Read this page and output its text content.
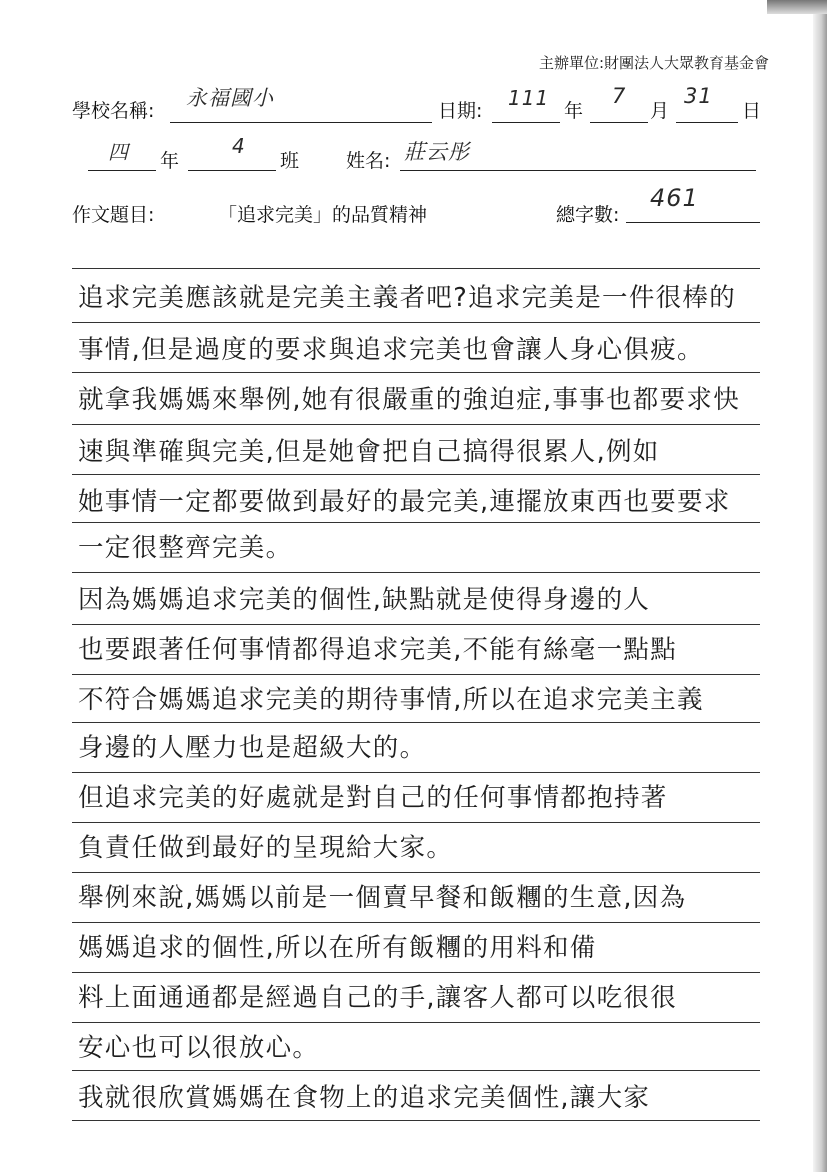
主辦單位:財團法人大眾教育基金會
學校名稱:
永福國小
日期:
111
年
7
月
31
日
四 年
4
班 姓名: 莊云彤
作文題目:	「追求完美」的品質精神	總字數:
461
追求完美應該就是完美主義者吧?追求完美是一件很棒的
事情,但是過度的要求與追求完美也會讓人身心俱疲。
就拿我媽媽來舉例,她有很嚴重的強迫症,事事也都要求快
速與準確與完美,但是她會把自己搞得很累人,例如
她事情一定都要做到最好的最完美,連擺放東西也要要求
一定很整齊完美。
因為媽媽追求完美的個性,缺點就是使得身邊的人
也要跟著任何事情都得追求完美,不能有絲毫一點點
不符合媽媽追求完美的期待事情,所以在追求完美主義
身邊的人壓力也是超級大的。
但追求完美的好處就是對自己的任何事情都抱持著
負責任做到最好的呈現給大家。
舉例來說,媽媽以前是一個賣早餐和飯糰的生意,因為
媽媽追求的個性,所以在所有飯糰的用料和備
料上面通通都是經過自己的手,讓客人都可以吃很很
安心也可以很放心。
我就很欣賞媽媽在食物上的追求完美個性,讓大家
